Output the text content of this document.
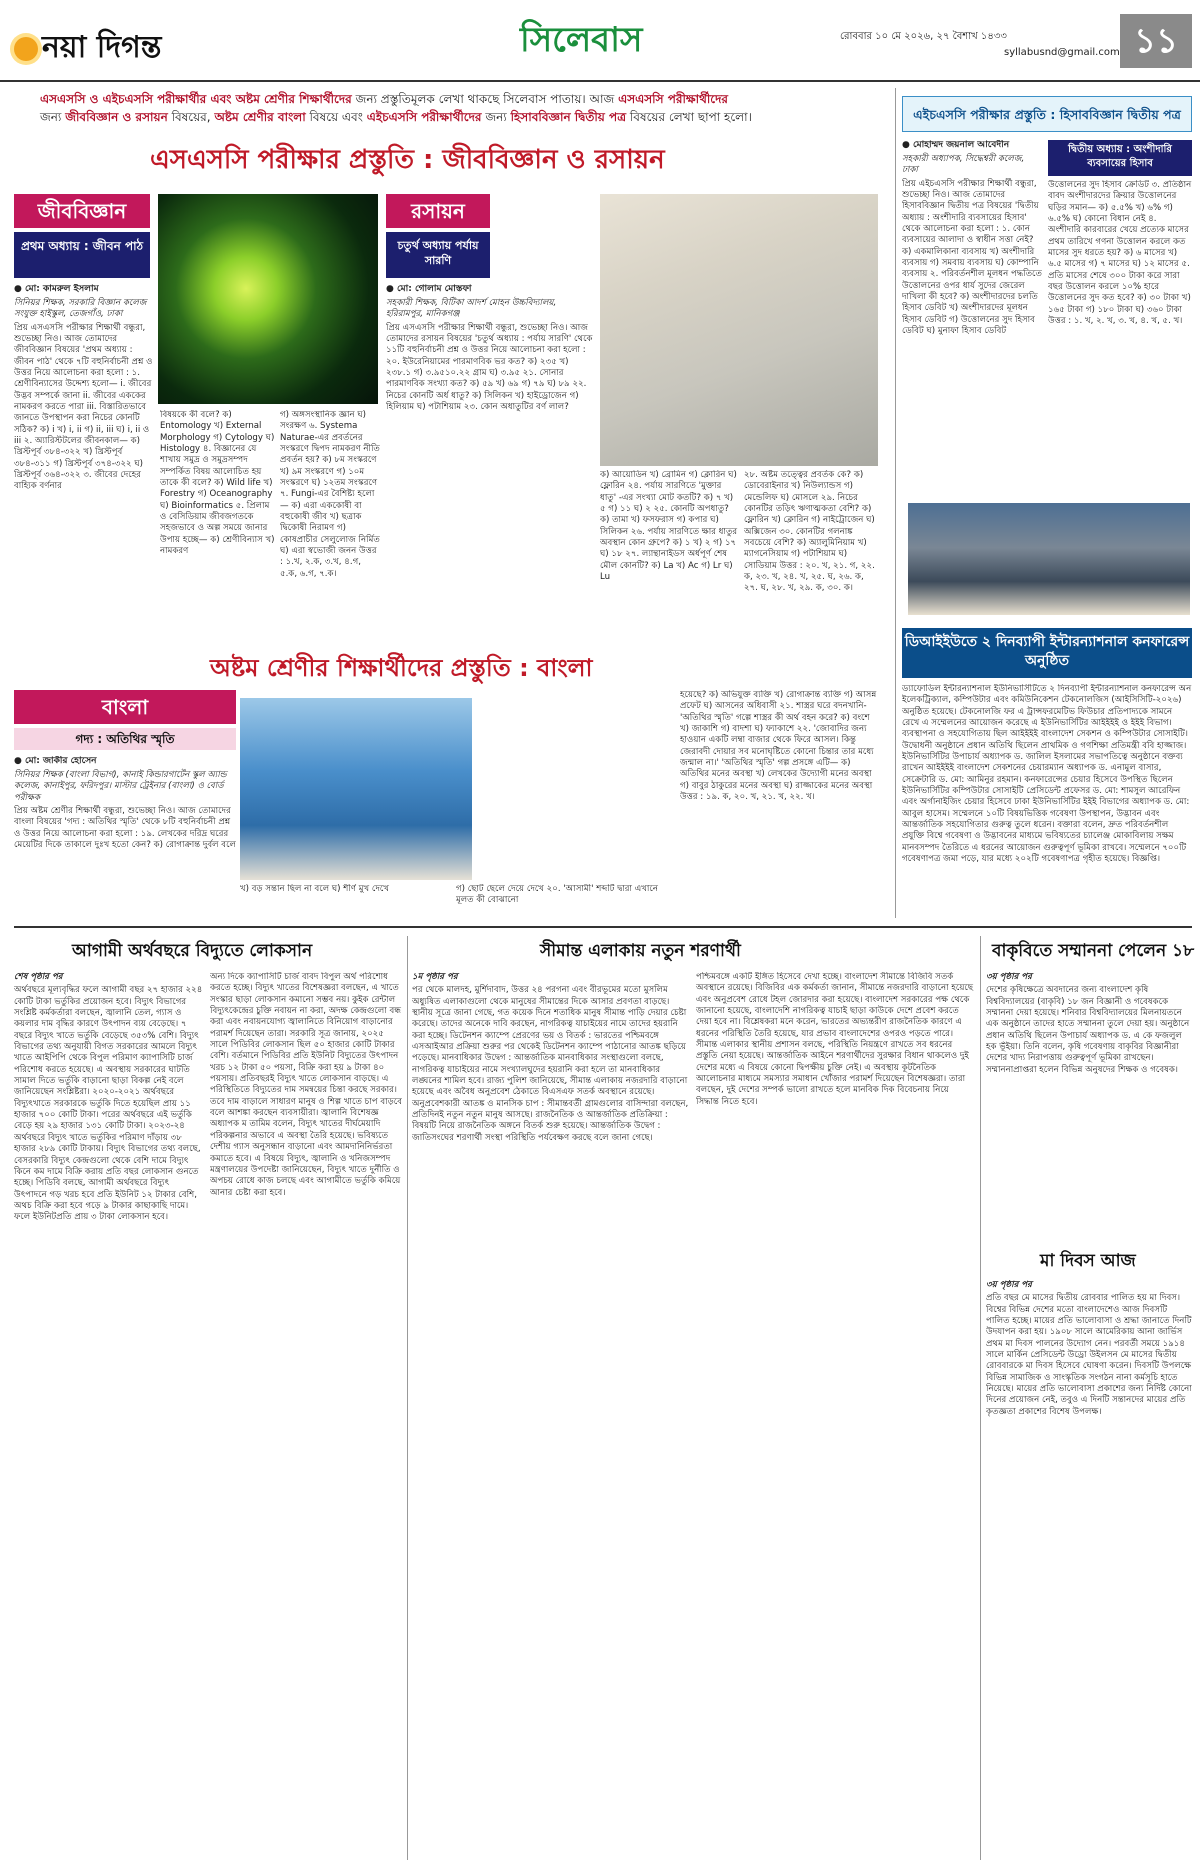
নয়া দিগন্ত	সিলেবাস	রোববার ১০ মে ২০২৬, ২৭ বৈশাখ ১৪৩৩
syllabusnd@gmail.com ১১
এসএসসি ও এইচএসসি পরীক্ষার্থীর এবং অষ্টম শ্রেণীর শিক্ষার্থীদের জন্য প্রস্তুতিমূলক লেখা থাকছে সিলেবাস পাতায়। আজ এসএসসি পরীক্ষার্থীদের
জন্য জীববিজ্ঞান ও রসায়ন বিষয়ের, অষ্টম শ্রেণীর বাংলা বিষয়ে এবং এইচএসসি পরীক্ষার্থীদের জন্য হিসাববিজ্ঞান দ্বিতীয় পত্র বিষয়ের লেখা ছাপা হলো।
এসএসসি পরীক্ষার প্রস্তুতি : জীববিজ্ঞান ও রসায়ন
জীববিজ্ঞান
প্রথম অধ্যায় : জীবন পাঠ

● মো: কামরুল ইসলাম

সিনিয়র শিক্ষক, সরকারি বিজ্ঞান কলেজ সংযুক্ত হাইস্কুল, তেজগাঁও, ঢাকা

প্রিয় এসএসসি পরীক্ষার শিক্ষার্থী বন্ধুরা, শুভেচ্ছা নিও। আজ তোমাদের জীববিজ্ঞান বিষয়ের 'প্রথম অধ্যায় : জীবন পাঠ' থেকে ৭টি বহুনির্বাচনী প্রশ্ন ও উত্তর নিয়ে আলোচনা করা হলো : ১. শ্রেণীবিন্যাসের উদ্দেশ্য হলো— i. জীবের উদ্ভব সম্পর্কে জানা ii. জীবের এককের নামকরণ করতে পারা iii. বিস্তারিতভাবে জানতে উপস্থাপন করা নিচের কোনটি সঠিক? ক) i খ) i, ii গ) ii, iii ঘ) i, ii ও iii ২. অ্যারিস্টটলের জীবনকাল— ক) খ্রিস্টপূর্ব ৩৮৪-৩২২ খ) খ্রিস্টপূর্ব ৩৮৪-৩১১ গ) খ্রিস্টপূর্ব ৩৭৪-৩২২ ঘ) খ্রিস্টপূর্ব ৩৬৪-৩২২ ৩. জীবের দেহের বাহ্যিক বর্ণনার

বিষয়কে কী বলে? ক) Entomology খ) External Morphology গ) Cytology ঘ) Histology ৪. বিজ্ঞানের যে শাখায় সমুদ্র ও সমুদ্রসম্পদ সম্পর্কিত বিষয় আলোচিত হয় তাকে কী বলে? ক) Wild life খ) Forestry গ) Oceanography ঘ) Bioinformatics ৫. প্রিলাম ও বেসিডিয়াম জীবজগতকে সহজভাবে ও অল্প সময়ে জানার উপায় হচ্ছে— ক) শ্রেণীবিন্যাস খ) নামকরণ

গ) অঙ্গসংস্থানিক জ্ঞান ঘ) সংরক্ষণ ৬. Systema Naturae-এর প্রবর্তনের সংস্করণে দ্বিপদ নামকরণ নীতি প্রবর্তন হয়? ক) ৮ম সংস্করণে খ) ৯ম সংস্করণে গ) ১০ম সংস্করণে ঘ) ১২তম সংস্করণে ৭. Fungi-এর বৈশিষ্ট্য হলো— ক) এরা এককোষী বা বহুকোষী জীব খ) ছত্রাক দ্বিকোষী নিরামণ গ) কোষপ্রাচীর সেলুলোজ নির্মিত ঘ) এরা স্বভোজী জনন উত্তর : ১.খ, ২.ক, ৩.খ, ৪.গ, ৫.ক, ৬.গ, ৭.ক।

রসায়ন
চতুর্থ অধ্যায় পর্যায় সারণি

● মো: গোলাম মোস্তফা

সহকারী শিক্ষক, বিটিকা আদর্শ মোহন উচ্চবিদ্যালয়, হরিরামপুর, মানিকগঞ্জ

প্রিয় এসএসসি পরীক্ষার শিক্ষার্থী বন্ধুরা, শুভেচ্ছা নিও। আজ তোমাদের রসায়ন বিষয়ের 'চতুর্থ অধ্যায় : পর্যায় সারণি' থেকে ১১টি বহুনির্বাচনী প্রশ্ন ও উত্তর নিয়ে আলোচনা করা হলো : ২০. ইউরেনিয়ামের পারমাণবিক ভর কত? ক) ২৩৫ খ) ২৩৮.১ গ) ৩.৯৫১০.২২ গ্রাম ঘ) ৩.৯৫ ২১. সোনার পারমাণবিক সংখ্যা কত? ক) ৫৯ খ) ৬৯ গ) ৭৯ ঘ) ৮৯ ২২. নিচের কোনটি অর্ধ ধাতু? ক) সিলিকন খ) হাইড্রোজেন গ) হিলিয়াম ঘ) পটাশিয়াম ২৩. কোন অধাতুটির বর্ণ লাল?

ক) আয়োডিন খ) ব্রোমিন গ) ক্লোরিন ঘ) ফ্লোরিন ২৪. পর্যায় সারণিতে 'মুক্তার ধাতু' -এর সংখ্যা মোট কতটি? ক) ৭ খ) ৫ গ) ১১ ঘ) ২ ২৫. কোনটি অপধাতু? ক) তামা খ) ফসফরাস গ) কপার ঘ) সিলিকন ২৬. পর্যায় সারণিতে ক্ষার ধাতুর অবস্থান কোন গ্রুপে? ক) ১ খ) ২ গ) ১৭ ঘ) ১৮ ২৭. ল্যান্থানাইডস অর্ধপূর্ণ শেষ মৌল কোনটি? ক) La খ) Ac গ) Lr ঘ) Lu

২৮. অষ্টম তত্ত্বের প্রবর্তক কে? ক) ডোবেরাইনার খ) নিউল্যান্ডস গ) মেন্ডেলিফ ঘ) মোসলে ২৯. নিচের কোনটির তড়িৎ ঋণাত্মকতা বেশি? ক) ফ্লোরিন খ) ক্লোরিন গ) নাইট্রোজেন ঘ) অক্সিজেন ৩০. কোনটির গলনাঙ্ক সবচেয়ে বেশি? ক) অ্যালুমিনিয়াম খ) ম্যাগনেসিয়াম গ) পটাশিয়াম ঘ) সোডিয়াম উত্তর : ২০. খ, ২১. গ, ২২. ক, ২৩. খ, ২৪. খ, ২৫. ঘ, ২৬. ক, ২৭. ঘ, ২৮. খ, ২৯. ক, ৩০. ক।

অষ্টম শ্রেণীর শিক্ষার্থীদের প্রস্তুতি : বাংলা
বাংলা
গদ্য : অতিথির স্মৃতি

● মো: জাকীর হোসেন

সিনিয়র শিক্ষক (বাংলা বিভাগ), কানাই কিন্ডারগার্টেন স্কুল অ্যান্ড কলেজ, কানাইপুর, ফরিদপুর। মাস্টার ট্রেইনার (বাংলা) ও বোর্ড পরীক্ষক

প্রিয় অষ্টম শ্রেণীর শিক্ষার্থী বন্ধুরা, শুভেচ্ছা নিও। আজ তোমাদের বাংলা বিষয়ের 'গদ্য : অতিথির স্মৃতি' থেকে ৮টি বহুনির্বাচনী প্রশ্ন ও উত্তর নিয়ে আলোচনা করা হলো : ১৯. লেখকের দরিদ্র ঘরের মেয়েটির দিকে তাকালে দুঃখ হতো কেন? ক) রোগাক্রান্ত দুর্বল বলে

খ) বড় সন্তান ছিল না বলে ঘ) শীর্ণ মুখ দেখে	গ) ছোট ছেলে দেয়ে দেখে ২০. 'আসামী' শব্দটি দ্বারা এখানে মূলত কী বোঝানো

হয়েছে? ক) অভিযুক্ত ব্যক্তি খ) রোগাক্রান্ত ব্যক্তি গ) আসন্ন প্রফেট ঘ) আসনের অধিবাসী ২১. শাস্ত্রর ঘরে বদনখানি-'অতিথির স্মৃতি' গল্পে শাস্ত্রর কী অর্থ বহন করে? ক) বংশে খ) জাকাশি গ) বাদশা ঘ) ফ্যাকাশে ২২. 'জোবাদির জন্য হাওয়ান একটি লম্বা বাজার থেকে ফিরে আসল। কিন্তু জেরাবদী দোয়ার সব মনোঘৃষ্টিতে কোনো চিন্তার তার মধ্যে জন্মাল না।' 'অতিথির স্মৃতি' গল্প প্রসঙ্গে এটি— ক) অতিথির মনের অবস্থা খ) লেখকের উদ্যোগী মনের অবস্থা গ) বাবুর ঠাকুরের মনের অবস্থা ঘ) রাজ্জাকের মনের অবস্থা উত্তর : ১৯. ক, ২০. খ, ২১. খ, ২২. খ।

এইচএসসি পরীক্ষার প্রস্তুতি : হিসাববিজ্ঞান দ্বিতীয় পত্র

● মোহাম্মদ জয়নাল আবেদীন

সহকারী অধ্যাপক, সিদ্ধেশ্বরী কলেজ, ঢাকা

প্রিয় এইচএসসি পরীক্ষার শিক্ষার্থী বন্ধুরা, শুভেচ্ছা নিও। আজ তোমাদের হিসাববিজ্ঞান দ্বিতীয় পত্র বিষয়ের 'দ্বিতীয় অধ্যায় : অংশীদারি ব্যবসায়ের হিসাব' থেকে আলোচনা করা হলো : ১. কোন ব্যবসায়ের আলাদা ও স্বাধীন সত্তা নেই? ক) একমালিকানা ব্যবসায় খ) অংশীদারি ব্যবসায় গ) সমবায় ব্যবসায় ঘ) কোম্পানি ব্যবসায় ২. পরিবর্তনশীল মূলধন পদ্ধতিতে উত্তোলনের ওপর ধার্য সুদের জেরেল দাখিলা কী হবে? ক) অংশীদারদের চলতি হিসাব ডেবিট খ) অংশীদারদের মূলধন হিসাব ডেবিট গ) উত্তোলনের সুদ হিসাব ডেবিট ঘ) মুনাফা হিসাব ডেবিট

দ্বিতীয় অধ্যায় : অংশীদারি ব্যবসায়ের হিসাব

উত্তোলনের সুদ হিসাব ক্রেডিট ৩. প্রতিষ্ঠান বাবদ অংশীদারদের ক্রিয়ার উত্তোলনের ঘড়ির সমান— ক) ৫.৫% খ) ৬% গ) ৬.৫% ঘ) কোনো বিধান নেই ৪. অংশীদারি কারবারের খেয়ে প্রত্যেক মাসের প্রথম তারিখে গণনা উত্তোলন করলে কত মাসের সুদ ধরতে হয়? ক) ৬ মাসের খ) ৬.৫ মাসের গ) ৭ মাসের ঘ) ১২ মাসের ৫. প্রতি মাসের শেষে ৩০০ টাকা করে সারা বছর উত্তোলন করলে ১০% হারে উত্তোলনের সুদ কত হবে? ক) ৩০ টাকা খ) ১৬৫ টাকা গ) ১৮০ টাকা ঘ) ৩৬০ টাকা উত্তর : ১. খ, ২. খ, ৩. খ, ৪. খ, ৫. খ।

ডিআইইউতে ২ দিনব্যাপী ইন্টারন্যাশনাল কনফারেন্স অনুষ্ঠিত

ড্যাফোডিল ইন্টারন্যাশনাল ইউনিভার্সিটিতে ২ দিনব্যাপী ইন্টারন্যাশনাল কনফারেন্স অন ইলেকট্রিক্যাল, কম্পিউটার এবং কমিউনিকেশন টেকনোলজিস (আইসিসিটি-২০২৬) অনুষ্ঠিত হয়েছে। টেকনোলজি ফর এ ট্রান্সফরমেটিভ ফিউচার প্রতিপাদ্যকে সামনে রেখে এ সম্মেলনের আয়োজন করেছে এ ইউনিভার্সিটির আইইইই ও ইইই বিভাগ। ব্যবস্থাপনা ও সহযোগিতায় ছিল আইইইই বাংলাদেশ সেকশন ও কম্পিউটার সোসাইটি। উদ্বোধনী অনুষ্ঠানে প্রধান অতিথি ছিলেন প্রাথমিক ও গণশিক্ষা প্রতিমন্ত্রী ববি হাজ্জাজ। ইউনিভার্সিটির উপাচার্য অধ্যাপক ড. জালিল ইসলামের সভাপতিত্বে অনুষ্ঠানে বক্তব্য রাখেন আইইইই বাংলাদেশ সেকশনের চেয়ারম্যান অধ্যাপক ড. এনামুল বাসার, সেক্রেটারি ড. মো: আমিনুর রহমান। কনফারেন্সের চেয়ার হিসেবে উপস্থিত ছিলেন ইউনিভার্সিটির কম্পিউটার সোসাইটি প্রেসিডেন্ট প্রফেসর ড. মো: শামসুল আরেফিন এবং অর্গানাইজিং চেয়ার হিসেবে ঢাকা ইউনিভার্সিটির ইইই বিভাগের অধ্যাপক ড. মো: আবুল হাসেম। সম্মেলনে ১০টি বিষয়ভিত্তিক গবেষণা উপস্থাপন, উদ্ভাবন এবং আন্তর্জাতিক সহযোগিতার গুরুত্ব তুলে ধরেন। বক্তারা বলেন, দ্রুত পরিবর্তনশীল প্রযুক্তি বিশ্বে গবেষণা ও উদ্ভাবনের মাধ্যমে ভবিষ্যতের চ্যালেঞ্জ মোকাবিলায় সক্ষম মানবসম্পদ তৈরিতে এ ধরনের আয়োজন গুরুত্বপূর্ণ ভূমিকা রাখবে। সম্মেলনে ৭০০টি গবেষণাপত্র জমা পড়ে, যার মধ্যে ২০২টি গবেষণাপত্র গৃহীত হয়েছে। বিজ্ঞপ্তি।

আগামী অর্থবছরে বিদ্যুতে লোকসান	সীমান্ত এলাকায় নতুন শরণার্থী	বাকৃবিতে সম্মাননা পেলেন ১৮

শেষ পৃষ্ঠার পর

অর্থবছরে মূল্যবৃদ্ধির ফলে আগামী বছর ২৭ হাজার ২২৪ কোটি টাকা ভর্তুকির প্রয়োজন হবে। বিদ্যুৎ বিভাগের সংশ্লিষ্ট কর্মকর্তারা বলছেন, জ্বালানি তেল, গ্যাস ও কয়লার দাম বৃদ্ধির কারণে উৎপাদন ব্যয় বেড়েছে। ৭ বছরে বিদ্যুৎ খাতে ভর্তুকি বেড়েছে ৩৫৩% বেশি। বিদ্যুৎ বিভাগের তথ্য অনুযায়ী বিগত সরকারের আমলে বিদ্যুৎ খাতে আইপিপি থেকে বিপুল পরিমাণ ক্যাপাসিটি চার্জ পরিশোধ করতে হয়েছে। এ অবস্থায় সরকারের ঘাটতি সামাল দিতে ভর্তুকি বাড়ানো ছাড়া বিকল্প নেই বলে জানিয়েছেন সংশ্লিষ্টরা। ২০২০-২০২১ অর্থবছরে বিদ্যুৎখাতে সরকারকে ভর্তুকি দিতে হয়েছিল প্রায় ১১ হাজার ৭০০ কোটি টাকা। পরের অর্থবছরে এই ভর্তুকি বেড়ে হয় ২৯ হাজার ১৩১ কোটি টাকা। ২০২৩-২৪ অর্থবছরে বিদ্যুৎ খাতে ভর্তুকির পরিমাণ দাঁড়ায় ৩৮ হাজার ২৮৯ কোটি টাকায়। বিদ্যুৎ বিভাগের তথ্য বলছে, বেসরকারি বিদ্যুৎ কেন্দ্রগুলো থেকে বেশি দামে বিদ্যুৎ কিনে কম দামে বিক্রি করায় প্রতি বছর লোকসান গুনতে হচ্ছে। পিডিবি বলছে, আগামী অর্থবছরে বিদ্যুৎ উৎপাদনে গড় খরচ হবে প্রতি ইউনিট ১২ টাকার বেশি, অথচ বিক্রি করা হবে গড়ে ৯ টাকার কাছাকাছি দামে। ফলে ইউনিটপ্রতি প্রায় ৩ টাকা লোকসান হবে।

অন্য দিকে ক্যাপাসিটি চার্জ বাবদ বিপুল অর্থ পরিশোধ করতে হচ্ছে। বিদ্যুৎ খাতের বিশেষজ্ঞরা বলছেন, এ খাতে সংস্কার ছাড়া লোকসান কমানো সম্ভব নয়। কুইক রেন্টাল বিদ্যুৎকেন্দ্রের চুক্তি নবায়ন না করা, অদক্ষ কেন্দ্রগুলো বন্ধ করা এবং নবায়নযোগ্য জ্বালানিতে বিনিয়োগ বাড়ানোর পরামর্শ দিয়েছেন তারা। সরকারি সূত্র জানায়, ২০২৫ সালে পিডিবির লোকসান ছিল ৫০ হাজার কোটি টাকার বেশি। বর্তমানে পিডিবির প্রতি ইউনিট বিদ্যুতের উৎপাদন খরচ ১২ টাকা ৫০ পয়সা, বিক্রি করা হয় ৯ টাকা ৪০ পয়সায়। প্রতিবছরই বিদ্যুৎ খাতে লোকসান বাড়ছে। এ পরিস্থিতিতে বিদ্যুতের দাম সমন্বয়ের চিন্তা করছে সরকার। তবে দাম বাড়ালে সাধারণ মানুষ ও শিল্প খাতে চাপ বাড়বে বলে আশঙ্কা করছেন ব্যবসায়ীরা। জ্বালানি বিশেষজ্ঞ অধ্যাপক ম তামিম বলেন, বিদ্যুৎ খাতের দীর্ঘমেয়াদি পরিকল্পনার অভাবে এ অবস্থা তৈরি হয়েছে। ভবিষ্যতে দেশীয় গ্যাস অনুসন্ধান বাড়ানো এবং আমদানিনির্ভরতা কমাতে হবে। এ বিষয়ে বিদ্যুৎ, জ্বালানি ও খনিজসম্পদ মন্ত্রণালয়ের উপদেষ্টা জানিয়েছেন, বিদ্যুৎ খাতে দুর্নীতি ও অপচয় রোধে কাজ চলছে এবং আগামীতে ভর্তুকি কমিয়ে আনার চেষ্টা করা হবে।

১ম পৃষ্ঠার পর

পর থেকে মালদহ, মুর্শিদাবাদ, উত্তর ২৪ পরগনা এবং বীরভূমের মতো মুসলিম অধ্যুষিত এলাকাগুলো থেকে মানুষের সীমান্তের দিকে আসার প্রবণতা বাড়ছে। স্থানীয় সূত্রে জানা গেছে, গত কয়েক দিনে শতাধিক মানুষ সীমান্ত পাড়ি দেয়ার চেষ্টা করেছে। তাদের অনেকে দাবি করছেন, নাগরিকত্ব যাচাইয়ের নামে তাদের হয়রানি করা হচ্ছে। ডিটেনশন ক্যাম্পে প্রেরণের ভয় ও বিতর্ক : ভারতের পশ্চিমবঙ্গে এসআইআর প্রক্রিয়া শুরুর পর থেকেই ডিটেনশন ক্যাম্পে পাঠানোর আতঙ্ক ছড়িয়ে পড়েছে। মানবাধিকার উদ্বেগ : আন্তর্জাতিক মানবাধিকার সংস্থাগুলো বলছে, নাগরিকত্ব যাচাইয়ের নামে সংখ্যালঘুদের হয়রানি করা হলে তা মানবাধিকার লঙ্ঘনের শামিল হবে। রাজ্য পুলিশ জানিয়েছে, সীমান্ত এলাকায় নজরদারি বাড়ানো হয়েছে এবং অবৈধ অনুপ্রবেশ ঠেকাতে বিএসএফ সতর্ক অবস্থানে রয়েছে। অনুপ্রবেশকারী আতঙ্ক ও মানসিক চাপ : সীমান্তবর্তী গ্রামগুলোর বাসিন্দারা বলছেন, প্রতিদিনই নতুন নতুন মানুষ আসছে। রাজনৈতিক ও আন্তর্জাতিক প্রতিক্রিয়া : বিষয়টি নিয়ে রাজনৈতিক অঙ্গনে বিতর্ক শুরু হয়েছে। আন্তর্জাতিক উদ্বেগ : জাতিসংঘের শরণার্থী সংস্থা পরিস্থিতি পর্যবেক্ষণ করছে বলে জানা গেছে।

পশ্চিমবঙ্গে একটি ইঙ্গিত হিসেবে দেখা হচ্ছে। বাংলাদেশ সীমান্তে বিজিবি সতর্ক অবস্থানে রয়েছে। বিজিবির এক কর্মকর্তা জানান, সীমান্তে নজরদারি বাড়ানো হয়েছে এবং অনুপ্রবেশ রোধে টহল জোরদার করা হয়েছে। বাংলাদেশ সরকারের পক্ষ থেকে জানানো হয়েছে, বাংলাদেশি নাগরিকত্ব যাচাই ছাড়া কাউকে দেশে প্রবেশ করতে দেয়া হবে না। বিশ্লেষকরা মনে করেন, ভারতের অভ্যন্তরীণ রাজনৈতিক কারণে এ ধরনের পরিস্থিতি তৈরি হয়েছে, যার প্রভাব বাংলাদেশের ওপরও পড়তে পারে। সীমান্ত এলাকার স্থানীয় প্রশাসন বলছে, পরিস্থিতি নিয়ন্ত্রণে রাখতে সব ধরনের প্রস্তুতি নেয়া হয়েছে। আন্তর্জাতিক আইনে শরণার্থীদের সুরক্ষার বিধান থাকলেও দুই দেশের মধ্যে এ বিষয়ে কোনো দ্বিপক্ষীয় চুক্তি নেই। এ অবস্থায় কূটনৈতিক আলোচনার মাধ্যমে সমস্যার সমাধান খোঁজার পরামর্শ দিয়েছেন বিশেষজ্ঞরা। তারা বলছেন, দুই দেশের সম্পর্ক ভালো রাখতে হলে মানবিক দিক বিবেচনায় নিয়ে সিদ্ধান্ত নিতে হবে।

৩য় পৃষ্ঠার পর

দেশের কৃষিক্ষেত্রে অবদানের জন্য বাংলাদেশ কৃষি বিশ্ববিদ্যালয়ের (বাকৃবি) ১৮ জন বিজ্ঞানী ও গবেষককে সম্মাননা দেয়া হয়েছে। শনিবার বিশ্ববিদ্যালয়ের মিলনায়তনে এক অনুষ্ঠানে তাদের হাতে সম্মাননা তুলে দেয়া হয়। অনুষ্ঠানে প্রধান অতিথি ছিলেন উপাচার্য অধ্যাপক ড. এ কে ফজলুল হক ভূঁইয়া। তিনি বলেন, কৃষি গবেষণায় বাকৃবির বিজ্ঞানীরা দেশের খাদ্য নিরাপত্তায় গুরুত্বপূর্ণ ভূমিকা রাখছেন। সম্মাননাপ্রাপ্তরা হলেন বিভিন্ন অনুষদের শিক্ষক ও গবেষক।

মা দিবস আজ

৩য় পৃষ্ঠার পর

প্রতি বছর মে মাসের দ্বিতীয় রোববার পালিত হয় মা দিবস। বিশ্বের বিভিন্ন দেশের মতো বাংলাদেশেও আজ দিবসটি পালিত হচ্ছে। মায়ের প্রতি ভালোবাসা ও শ্রদ্ধা জানাতে দিনটি উদযাপন করা হয়। ১৯০৮ সালে আমেরিকায় আনা জার্ভিস প্রথম মা দিবস পালনের উদ্যোগ নেন। পরবর্তী সময়ে ১৯১৪ সালে মার্কিন প্রেসিডেন্ট উড্রো উইলসন মে মাসের দ্বিতীয় রোববারকে মা দিবস হিসেবে ঘোষণা করেন। দিবসটি উপলক্ষে বিভিন্ন সামাজিক ও সাংস্কৃতিক সংগঠন নানা কর্মসূচি হাতে নিয়েছে। মায়ের প্রতি ভালোবাসা প্রকাশের জন্য নির্দিষ্ট কোনো দিনের প্রয়োজন নেই, তবুও এ দিনটি সন্তানদের মায়ের প্রতি কৃতজ্ঞতা প্রকাশের বিশেষ উপলক্ষ।
